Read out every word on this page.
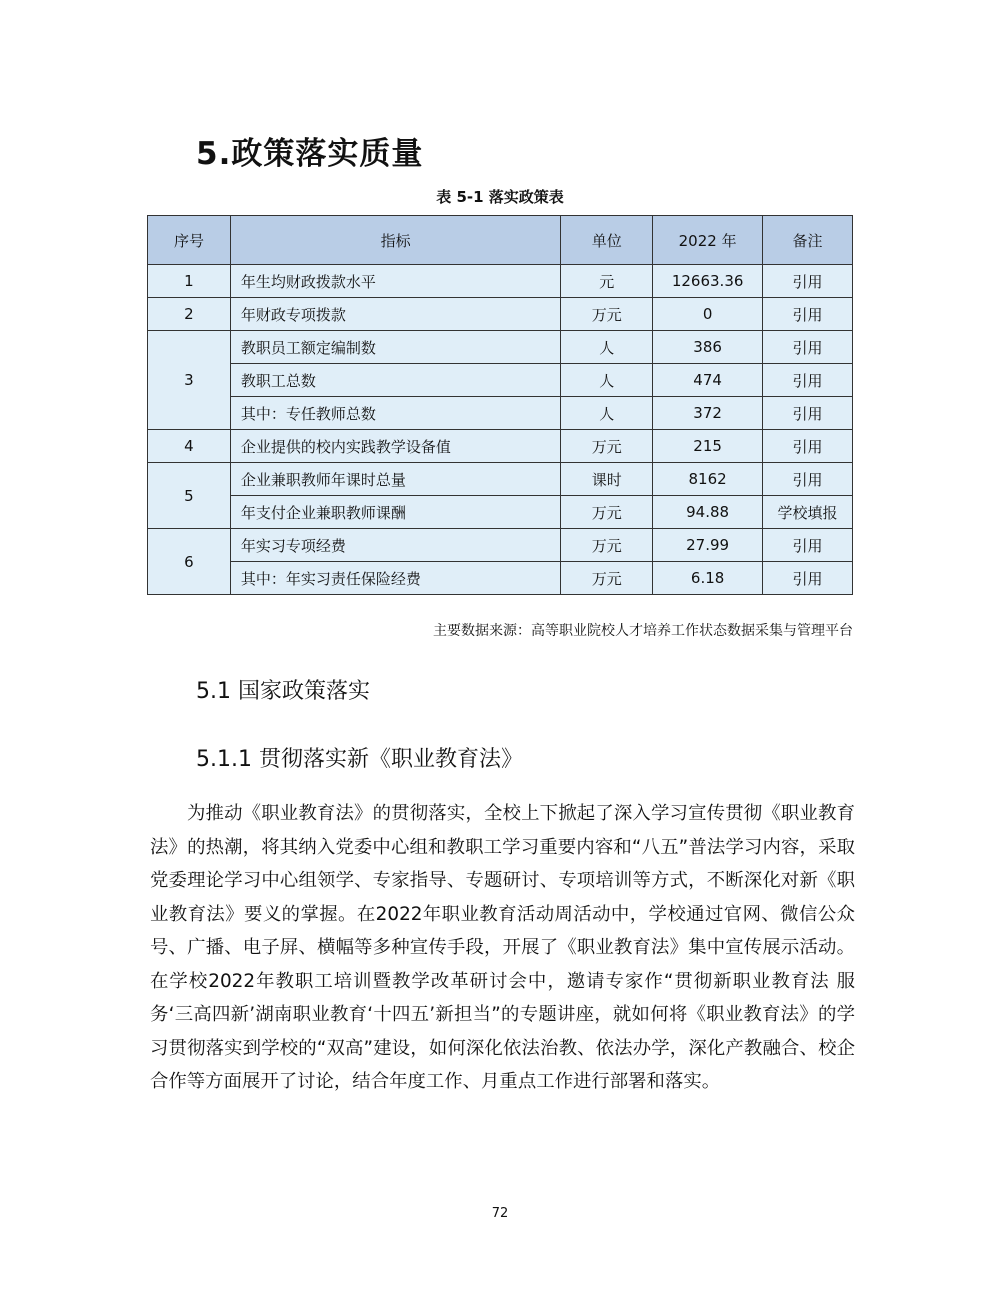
5.政策落实质量
表 5-1 落实政策表
序号	指标	单位	2022 年	备注
1	年生均财政拨款水平	元	12663.36	引用
2	年财政专项拨款	万元	0	引用
3	教职员工额定编制数	人	386	引用
	教职工总数	人	474	引用
	其中：专任教师总数	人	372	引用
4	企业提供的校内实践教学设备值	万元	215	引用
5	企业兼职教师年课时总量	课时	8162	引用
	年支付企业兼职教师课酬	万元	94.88	学校填报
6	年实习专项经费	万元	27.99	引用
	其中：年实习责任保险经费	万元	6.18	引用
主要数据来源：高等职业院校人才培养工作状态数据采集与管理平台
5.1 国家政策落实
5.1.1 贯彻落实新《职业教育法》

为推动《职业教育法》的贯彻落实，全校上下掀起了深入学习宣传贯彻《职业教育法》的热潮，将其纳入党委中心组和教职工学习重要内容和“八五”普法学习内容，采取党委理论学习中心组领学、专家指导、专题研讨、专项培训等方式，不断深化对新《职业教育法》要义的掌握。在2022年职业教育活动周活动中，学校通过官网、微信公众号、广播、电子屏、横幅等多种宣传手段，开展了《职业教育法》集中宣传展示活动。在学校2022年教职工培训暨教学改革研讨会中，邀请专家作“贯彻新职业教育法 服务‘三高四新’湖南职业教育‘十四五’新担当”的专题讲座，就如何将《职业教育法》的学习贯彻落实到学校的“双高”建设，如何深化依法治教、依法办学，深化产教融合、校企合作等方面展开了讨论，结合年度工作、月重点工作进行部署和落实。

72
